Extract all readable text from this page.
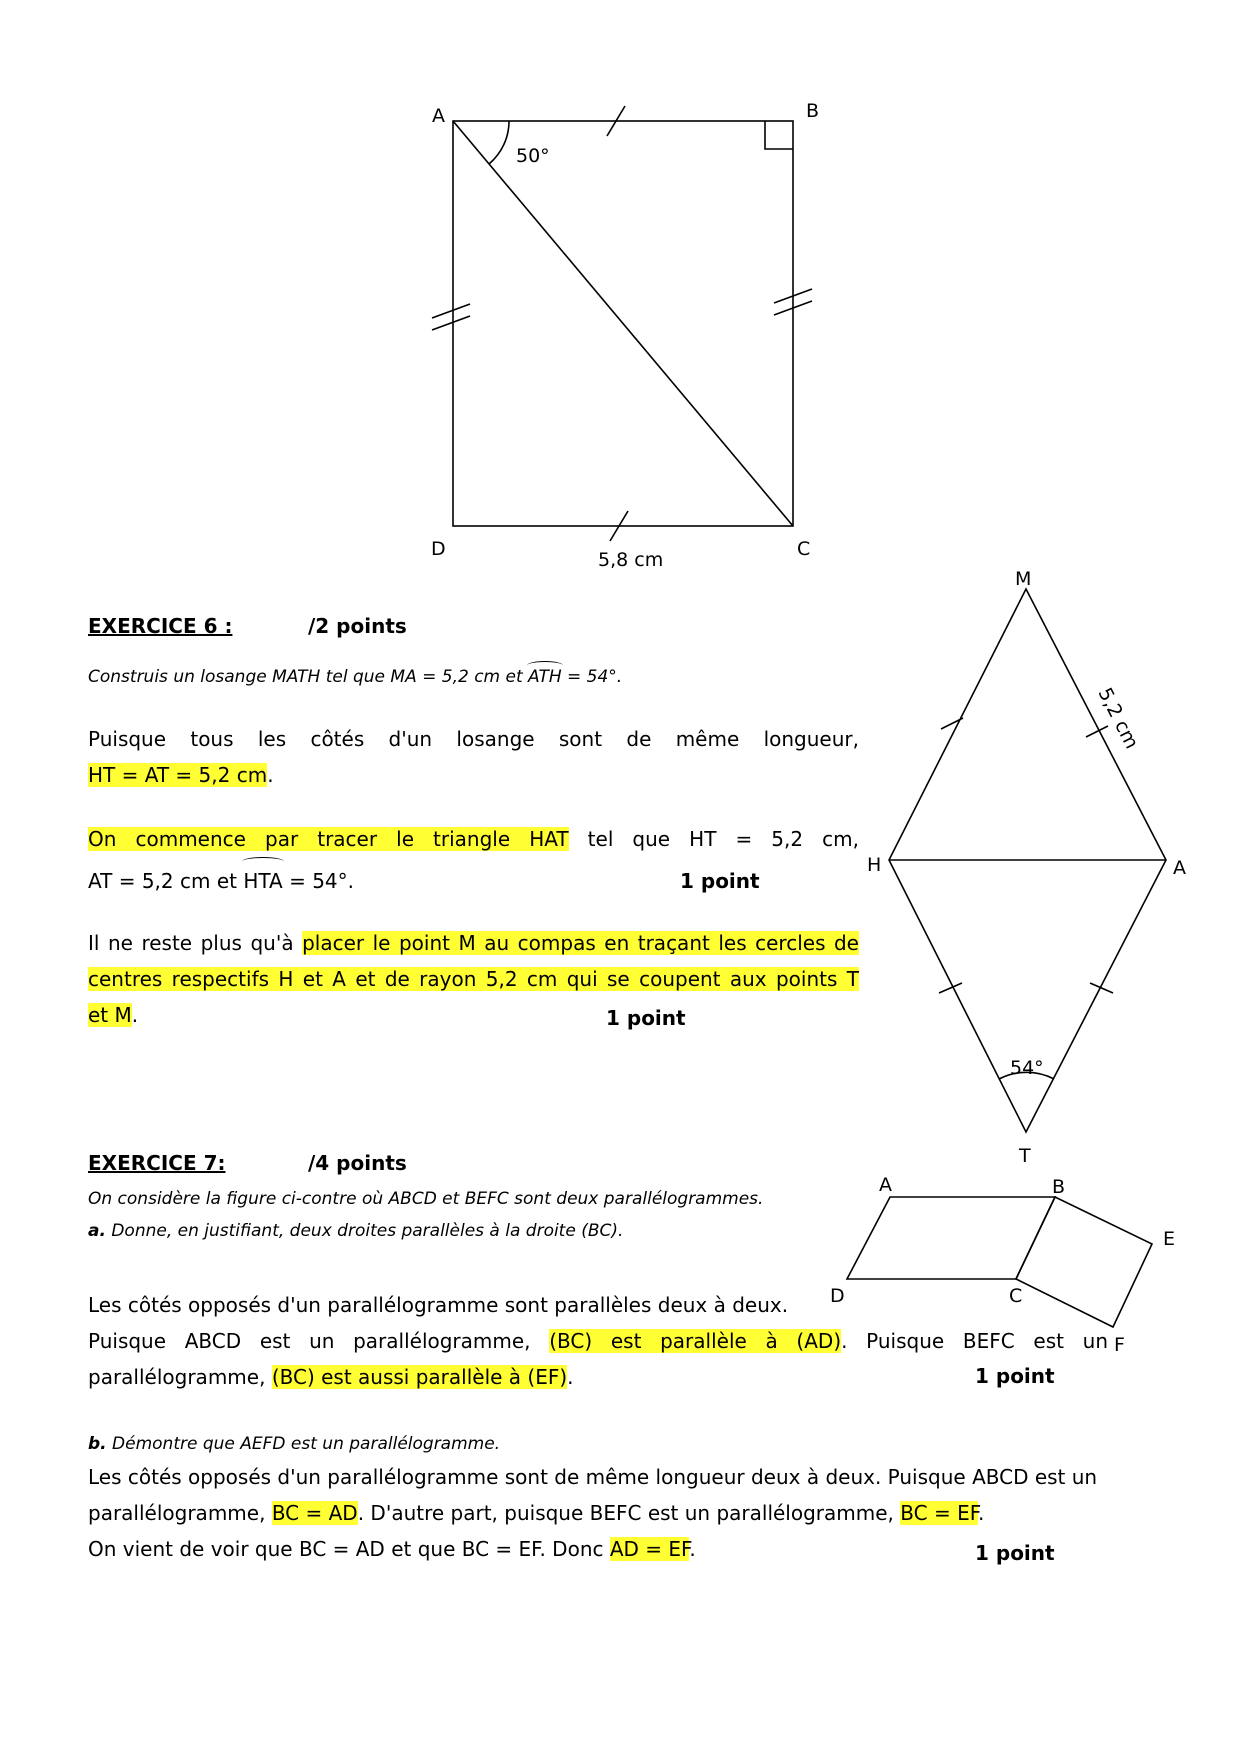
A	B
C
D
50°
5,8 cm
M
A
H
T
54°
5,2 cm
A	B
C
D
E
F
EXERCICE 6 :	/2 points
Construis un losange MATH tel que MA = 5,2 cm et ATH = 54°.
Puisque tous les côtés d'un losange sont de même longueur,
HT = AT = 5,2 cm.
On commence par tracer le triangle HAT tel que HT = 5,2 cm,
AT = 5,2 cm et HTA = 54°.	1 point
Il ne reste plus qu'à placer le point M au compas en traçant les cercles de
centres respectifs H et A et de rayon 5,2 cm qui se coupent aux points T
et M.	1 point
EXERCICE 7:	/4 points
On considère la figure ci-contre où ABCD et BEFC sont deux parallélogrammes.
a. Donne, en justifiant, deux droites parallèles à la droite (BC).
Les côtés opposés d'un parallélogramme sont parallèles deux à deux.
Puisque ABCD est un parallélogramme, (BC) est parallèle à (AD). Puisque BEFC est un
parallélogramme, (BC) est aussi parallèle à (EF).	1 point
b. Démontre que AEFD est un parallélogramme.
Les côtés opposés d'un parallélogramme sont de même longueur deux à deux. Puisque ABCD est un
parallélogramme, BC = AD. D'autre part, puisque BEFC est un parallélogramme, BC = EF.
On vient de voir que BC = AD et que BC = EF. Donc AD = EF.	1 point
